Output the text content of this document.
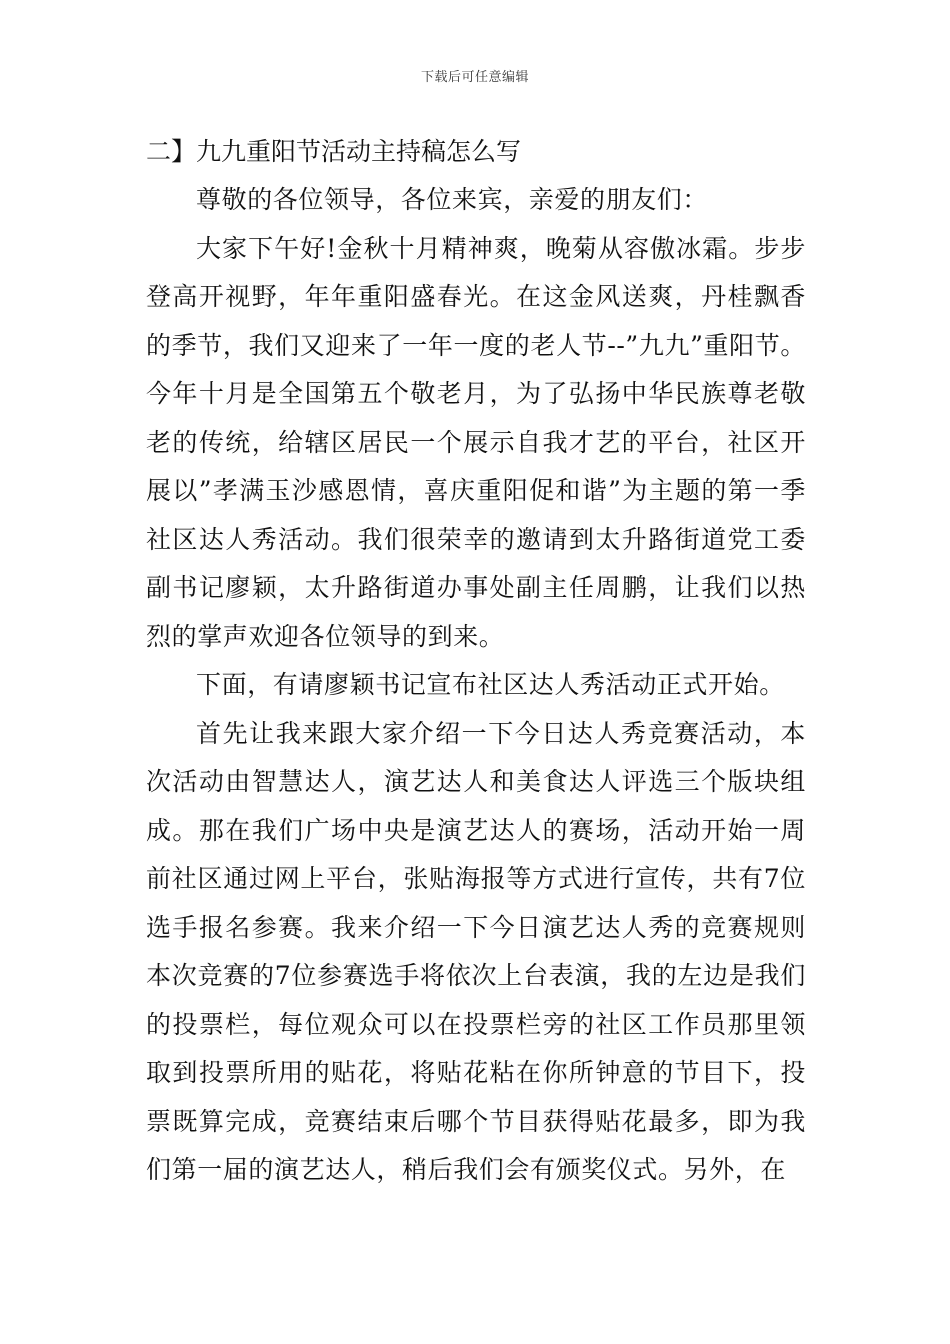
下载后可任意编辑

二】九九重阳节活动主持稿怎么写

尊敬的各位领导，各位来宾，亲爱的朋友们：

大家下午好!金秋十月精神爽，晚菊从容傲冰霜。步步登高开视野，年年重阳盛春光。在这金风送爽，丹桂飘香的季节，我们又迎来了一年一度的老人节--”九九”重阳节。今年十月是全国第五个敬老月，为了弘扬中华民族尊老敬老的传统，给辖区居民一个展示自我才艺的平台，社区开展以”孝满玉沙感恩情，喜庆重阳促和谐”为主题的第一季社区达人秀活动。我们很荣幸的邀请到太升路街道党工委副书记廖颖，太升路街道办事处副主任周鹏，让我们以热烈的掌声欢迎各位领导的到来。

下面，有请廖颖书记宣布社区达人秀活动正式开始。

首先让我来跟大家介绍一下今日达人秀竞赛活动，本次活动由智慧达人，演艺达人和美食达人评选三个版块组成。那在我们广场中央是演艺达人的赛场，活动开始一周前社区通过网上平台，张贴海报等方式进行宣传，共有7位选手报名参赛。我来介绍一下今日演艺达人秀的竞赛规则本次竞赛的7位参赛选手将依次上台表演，我的左边是我们的投票栏，每位观众可以在投票栏旁的社区工作员那里领取到投票所用的贴花，将贴花粘在你所钟意的节目下，投票既算完成，竞赛结束后哪个节目获得贴花最多，即为我们第一届的演艺达人，稍后我们会有颁奖仪式。另外，在
